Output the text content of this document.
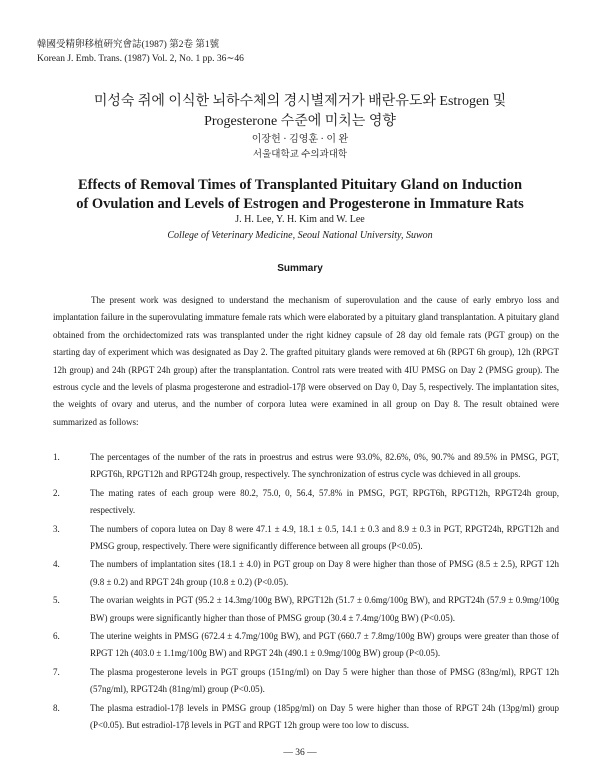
韓國受精卵移植硏究會誌(1987) 第2卷 第1號
Korean J. Emb. Trans. (1987) Vol. 2, No. 1 pp. 36∼46
미성숙 쥐에 이식한 뇌하수체의 경시별제거가 배란유도와 Estrogen 및
Progesterone 수준에 미치는 영향
이장헌 · 김영훈 · 이 완
서울대학교 수의과대학
Effects of Removal Times of Transplanted Pituitary Gland on Induction
of Ovulation and Levels of Estrogen and Progesterone in Immature Rats
J. H. Lee, Y. H. Kim and W. Lee
College of Veterinary Medicine, Seoul National University, Suwon
Summary

The present work was designed to understand the mechanism of superovulation and the cause of early embryo loss and implantation failure in the superovulating immature female rats which were elaborated by a pituitary gland transplantation. A pituitary gland obtained from the orchidectomized rats was transplanted under the right kidney capsule of 28 day old female rats (PGT group) on the starting day of experiment which was designated as Day 2. The grafted pituitary glands were removed at 6h (RPGT 6h group), 12h (RPGT 12h group) and 24h (RPGT 24h group) after the transplantation. Control rats were treated with 4IU PMSG on Day 2 (PMSG group). The estrous cycle and the levels of plasma progesterone and estradiol-17β were observed on Day 0, Day 5, respectively. The implantation sites, the weights of ovary and uterus, and the number of corpora lutea were examined in all group on Day 8. The result obtained were summarized as follows:

1.	The percentages of the number of the rats in proestrus and estrus were 93.0%, 82.6%, 0%, 90.7% and 89.5% in PMSG, PGT, RPGT6h, RPGT12h and RPGT24h group, respectively. The synchronization of estrus cycle was dchieved in all groups.
2.	The mating rates of each group were 80.2, 75.0, 0, 56.4, 57.8% in PMSG, PGT, RPGT6h, RPGT12h, RPGT24h group, respectively.
3.	The numbers of copora lutea on Day 8 were 47.1 ± 4.9, 18.1 ± 0.5, 14.1 ± 0.3 and 8.9 ± 0.3 in PGT, RPGT24h, RPGT12h and PMSG group, respectively. There were significantly difference between all groups (P<0.05).
4.	The numbers of implantation sites (18.1 ± 4.0) in PGT group on Day 8 were higher than those of PMSG (8.5 ± 2.5), RPGT 12h (9.8 ± 0.2) and RPGT 24h group (10.8 ± 0.2) (P<0.05).
5.	The ovarian weights in PGT (95.2 ± 14.3mg/100g BW), RPGT12h (51.7 ± 0.6mg/100g BW), and RPGT24h (57.9 ± 0.9mg/100g BW) groups were significantly higher than those of PMSG group (30.4 ± 7.4mg/100g BW) (P<0.05).
6.	The uterine weights in PMSG (672.4 ± 4.7mg/100g BW), and PGT (660.7 ± 7.8mg/100g BW) groups were greater than those of RPGT 12h (403.0 ± 1.1mg/100g BW) and RPGT 24h (490.1 ± 0.9mg/100g BW) group (P<0.05).
7.	The plasma progesterone levels in PGT groups (151ng/ml) on Day 5 were higher than those of PMSG (83ng/ml), RPGT 12h (57ng/ml), RPGT24h (81ng/ml) group (P<0.05).
8.	The plasma estradiol-17β levels in PMSG group (185pg/ml) on Day 5 were higher than those of RPGT 24h (13pg/ml) group (P<0.05). But estradiol-17β levels in PGT and RPGT 12h group were too low to discuss.
— 36 —
